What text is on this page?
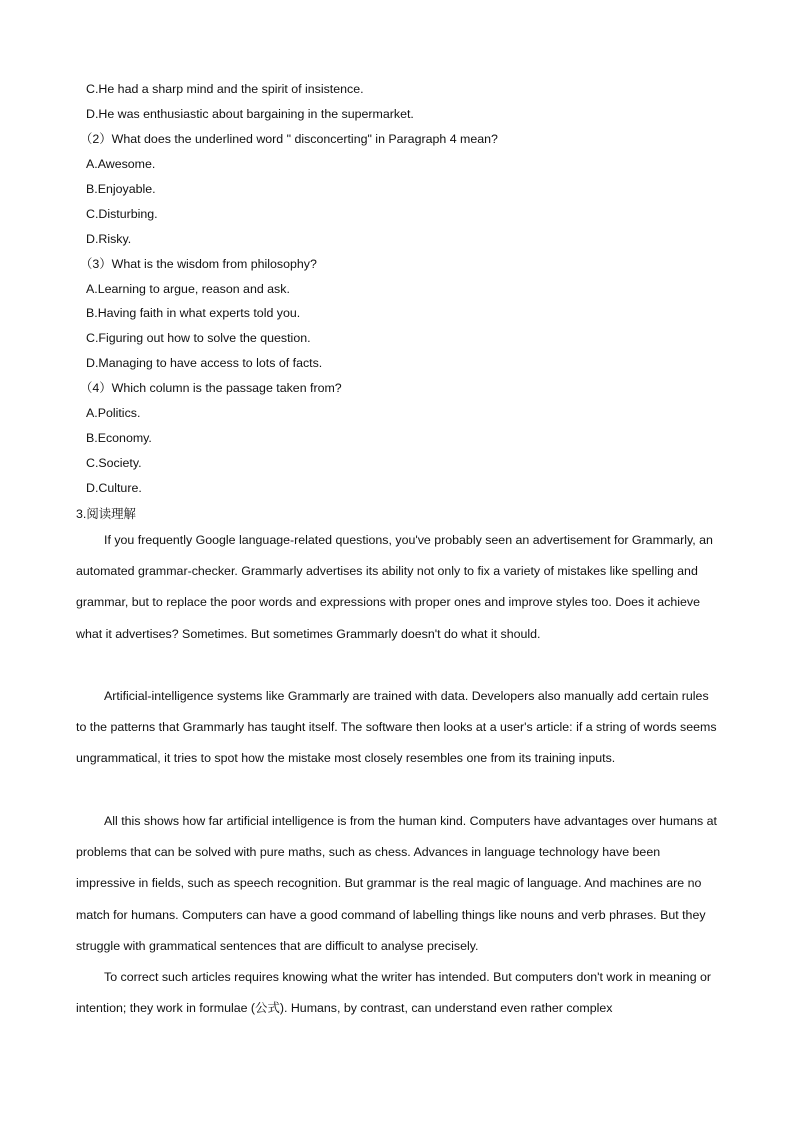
C.He had a sharp mind and the spirit of insistence.
D.He was enthusiastic about bargaining in the supermarket.
（2）What does the underlined word " disconcerting" in Paragraph 4 mean?
A.Awesome.
B.Enjoyable.
C.Disturbing.
D.Risky.
（3）What is the wisdom from philosophy?
A.Learning to argue, reason and ask.
B.Having faith in what experts told you.
C.Figuring out how to solve the question.
D.Managing to have access to lots of facts.
（4）Which column is the passage taken from?
A.Politics.
B.Economy.
C.Society.
D.Culture.
3.阅读理解

If you frequently Google language-related questions, you've probably seen an advertisement for Grammarly, an automated grammar-checker. Grammarly advertises its ability not only to fix a variety of mistakes like spelling and grammar, but to replace the poor words and expressions with proper ones and improve styles too. Does it achieve what it advertises? Sometimes. But sometimes Grammarly doesn't do what it should.

Artificial-intelligence systems like Grammarly are trained with data. Developers also manually add certain rules to the patterns that Grammarly has taught itself. The software then looks at a user's article: if a string of words seems ungrammatical, it tries to spot how the mistake most closely resembles one from its training inputs.

All this shows how far artificial intelligence is from the human kind. Computers have advantages over humans at problems that can be solved with pure maths, such as chess. Advances in language technology have been impressive in fields, such as speech recognition. But grammar is the real magic of language. And machines are no match for humans. Computers can have a good command of labelling things like nouns and verb phrases. But they struggle with grammatical sentences that are difficult to analyse precisely.

To correct such articles requires knowing what the writer has intended. But computers don't work in meaning or intention; they work in formulae (公式). Humans, by contrast, can understand even rather complex
